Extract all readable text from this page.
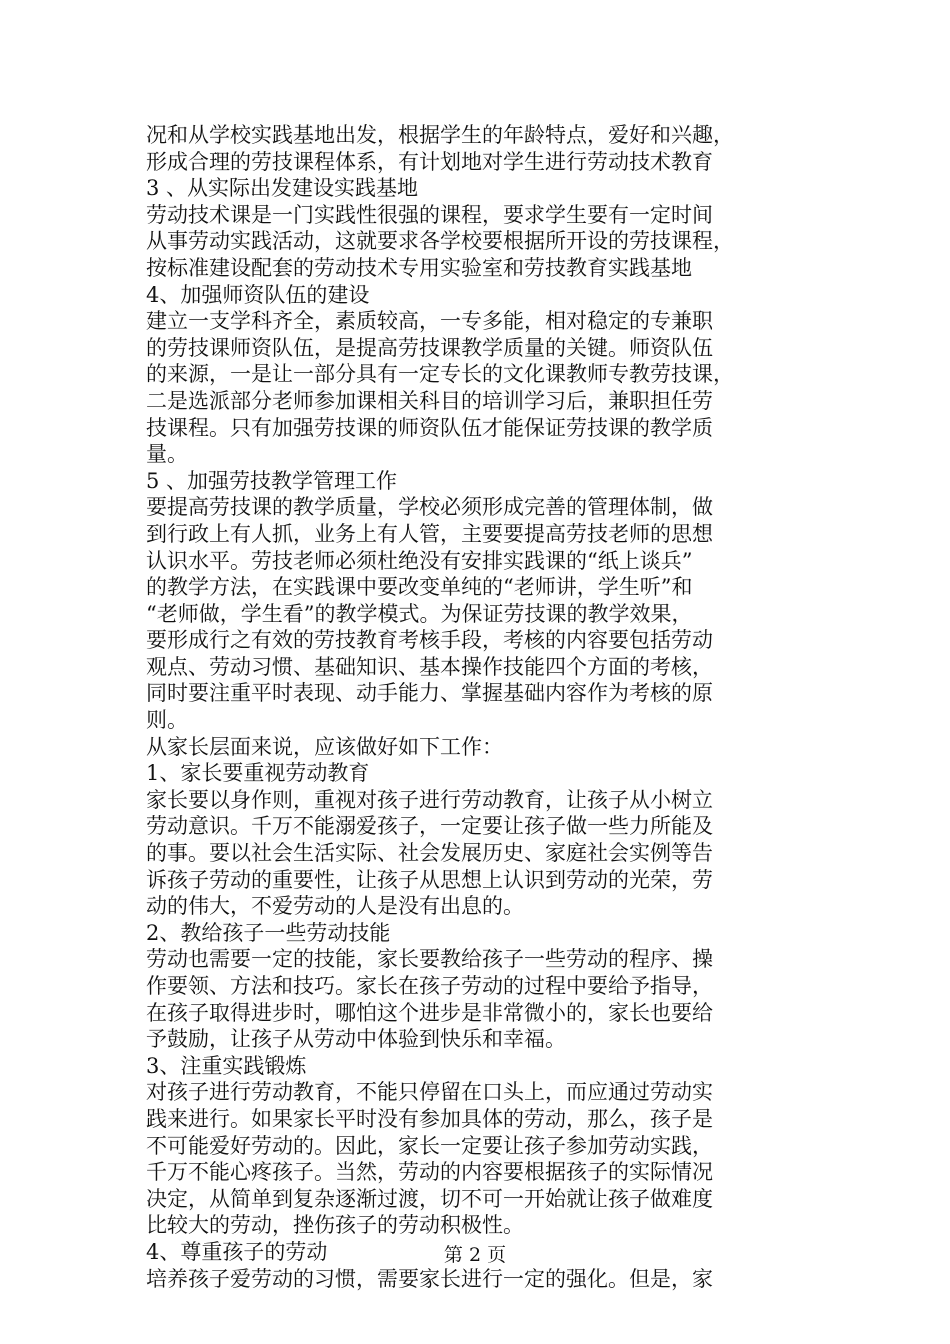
况和从学校实践基地出发，根据学生的年龄特点，爱好和兴趣，
形成合理的劳技课程体系，有计划地对学生进行劳动技术教育
3 、从实际出发建设实践基地
劳动技术课是一门实践性很强的课程，要求学生要有一定时间
从事劳动实践活动，这就要求各学校要根据所开设的劳技课程，
按标准建设配套的劳动技术专用实验室和劳技教育实践基地
4、加强师资队伍的建设
建立一支学科齐全，素质较高，一专多能，相对稳定的专兼职
的劳技课师资队伍，是提高劳技课教学质量的关键。师资队伍
的来源，一是让一部分具有一定专长的文化课教师专教劳技课，
二是选派部分老师参加课相关科目的培训学习后，兼职担任劳
技课程。只有加强劳技课的师资队伍才能保证劳技课的教学质
量。
5 、加强劳技教学管理工作
要提高劳技课的教学质量，学校必须形成完善的管理体制，做
到行政上有人抓，业务上有人管，主要要提高劳技老师的思想
认识水平。劳技老师必须杜绝没有安排实践课的“纸上谈兵”
的教学方法，在实践课中要改变单纯的“老师讲，学生听”和
“老师做，学生看”的教学模式。为保证劳技课的教学效果，
要形成行之有效的劳技教育考核手段，考核的内容要包括劳动
观点、劳动习惯、基础知识、基本操作技能四个方面的考核，
同时要注重平时表现、动手能力、掌握基础内容作为考核的原
则。
从家长层面来说，应该做好如下工作：
1、家长要重视劳动教育
家长要以身作则，重视对孩子进行劳动教育，让孩子从小树立
劳动意识。千万不能溺爱孩子，一定要让孩子做一些力所能及
的事。要以社会生活实际、社会发展历史、家庭社会实例等告
诉孩子劳动的重要性，让孩子从思想上认识到劳动的光荣，劳
动的伟大，不爱劳动的人是没有出息的。
2、教给孩子一些劳动技能
劳动也需要一定的技能，家长要教给孩子一些劳动的程序、操
作要领、方法和技巧。家长在孩子劳动的过程中要给予指导，
在孩子取得进步时，哪怕这个进步是非常微小的，家长也要给
予鼓励，让孩子从劳动中体验到快乐和幸福。
3、注重实践锻炼
对孩子进行劳动教育，不能只停留在口头上，而应通过劳动实
践来进行。如果家长平时没有参加具体的劳动，那么，孩子是
不可能爱好劳动的。因此，家长一定要让孩子参加劳动实践，
千万不能心疼孩子。当然，劳动的内容要根据孩子的实际情况
决定，从简单到复杂逐渐过渡，切不可一开始就让孩子做难度
比较大的劳动，挫伤孩子的劳动积极性。
4、尊重孩子的劳动
培养孩子爱劳动的习惯，需要家长进行一定的强化。但是，家
第 2 页
